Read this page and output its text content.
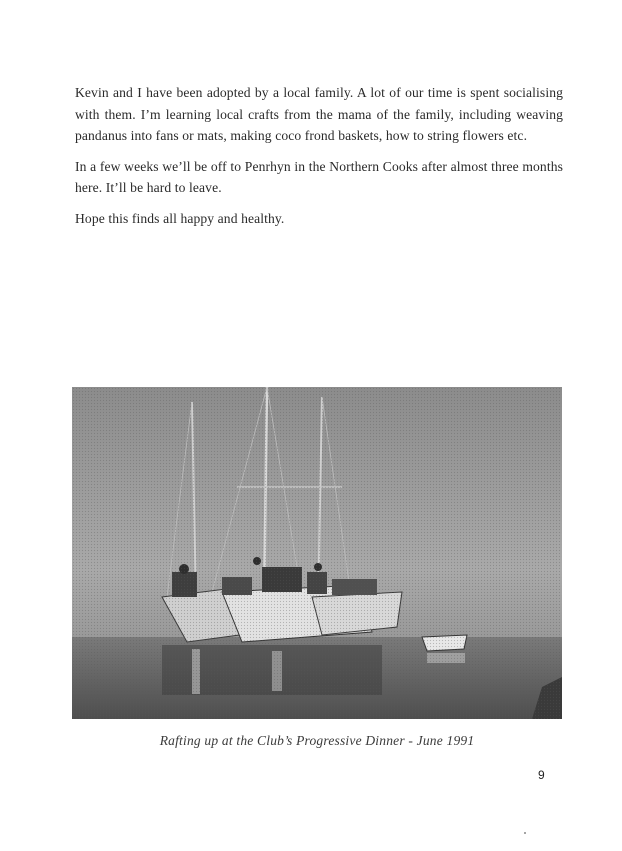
Kevin and I have been adopted by a local family. A lot of our time is spent socialising with them. I’m learning local crafts from the mama of the family, including weaving pandanus into fans or mats, making coco frond baskets, how to string flowers etc.

In a few weeks we’ll be off to Penrhyn in the Northern Cooks after almost three months here. It’ll be hard to leave.

Hope this finds all happy and healthy.

Rafting up at the Club’s Progressive Dinner - June 1991
9
